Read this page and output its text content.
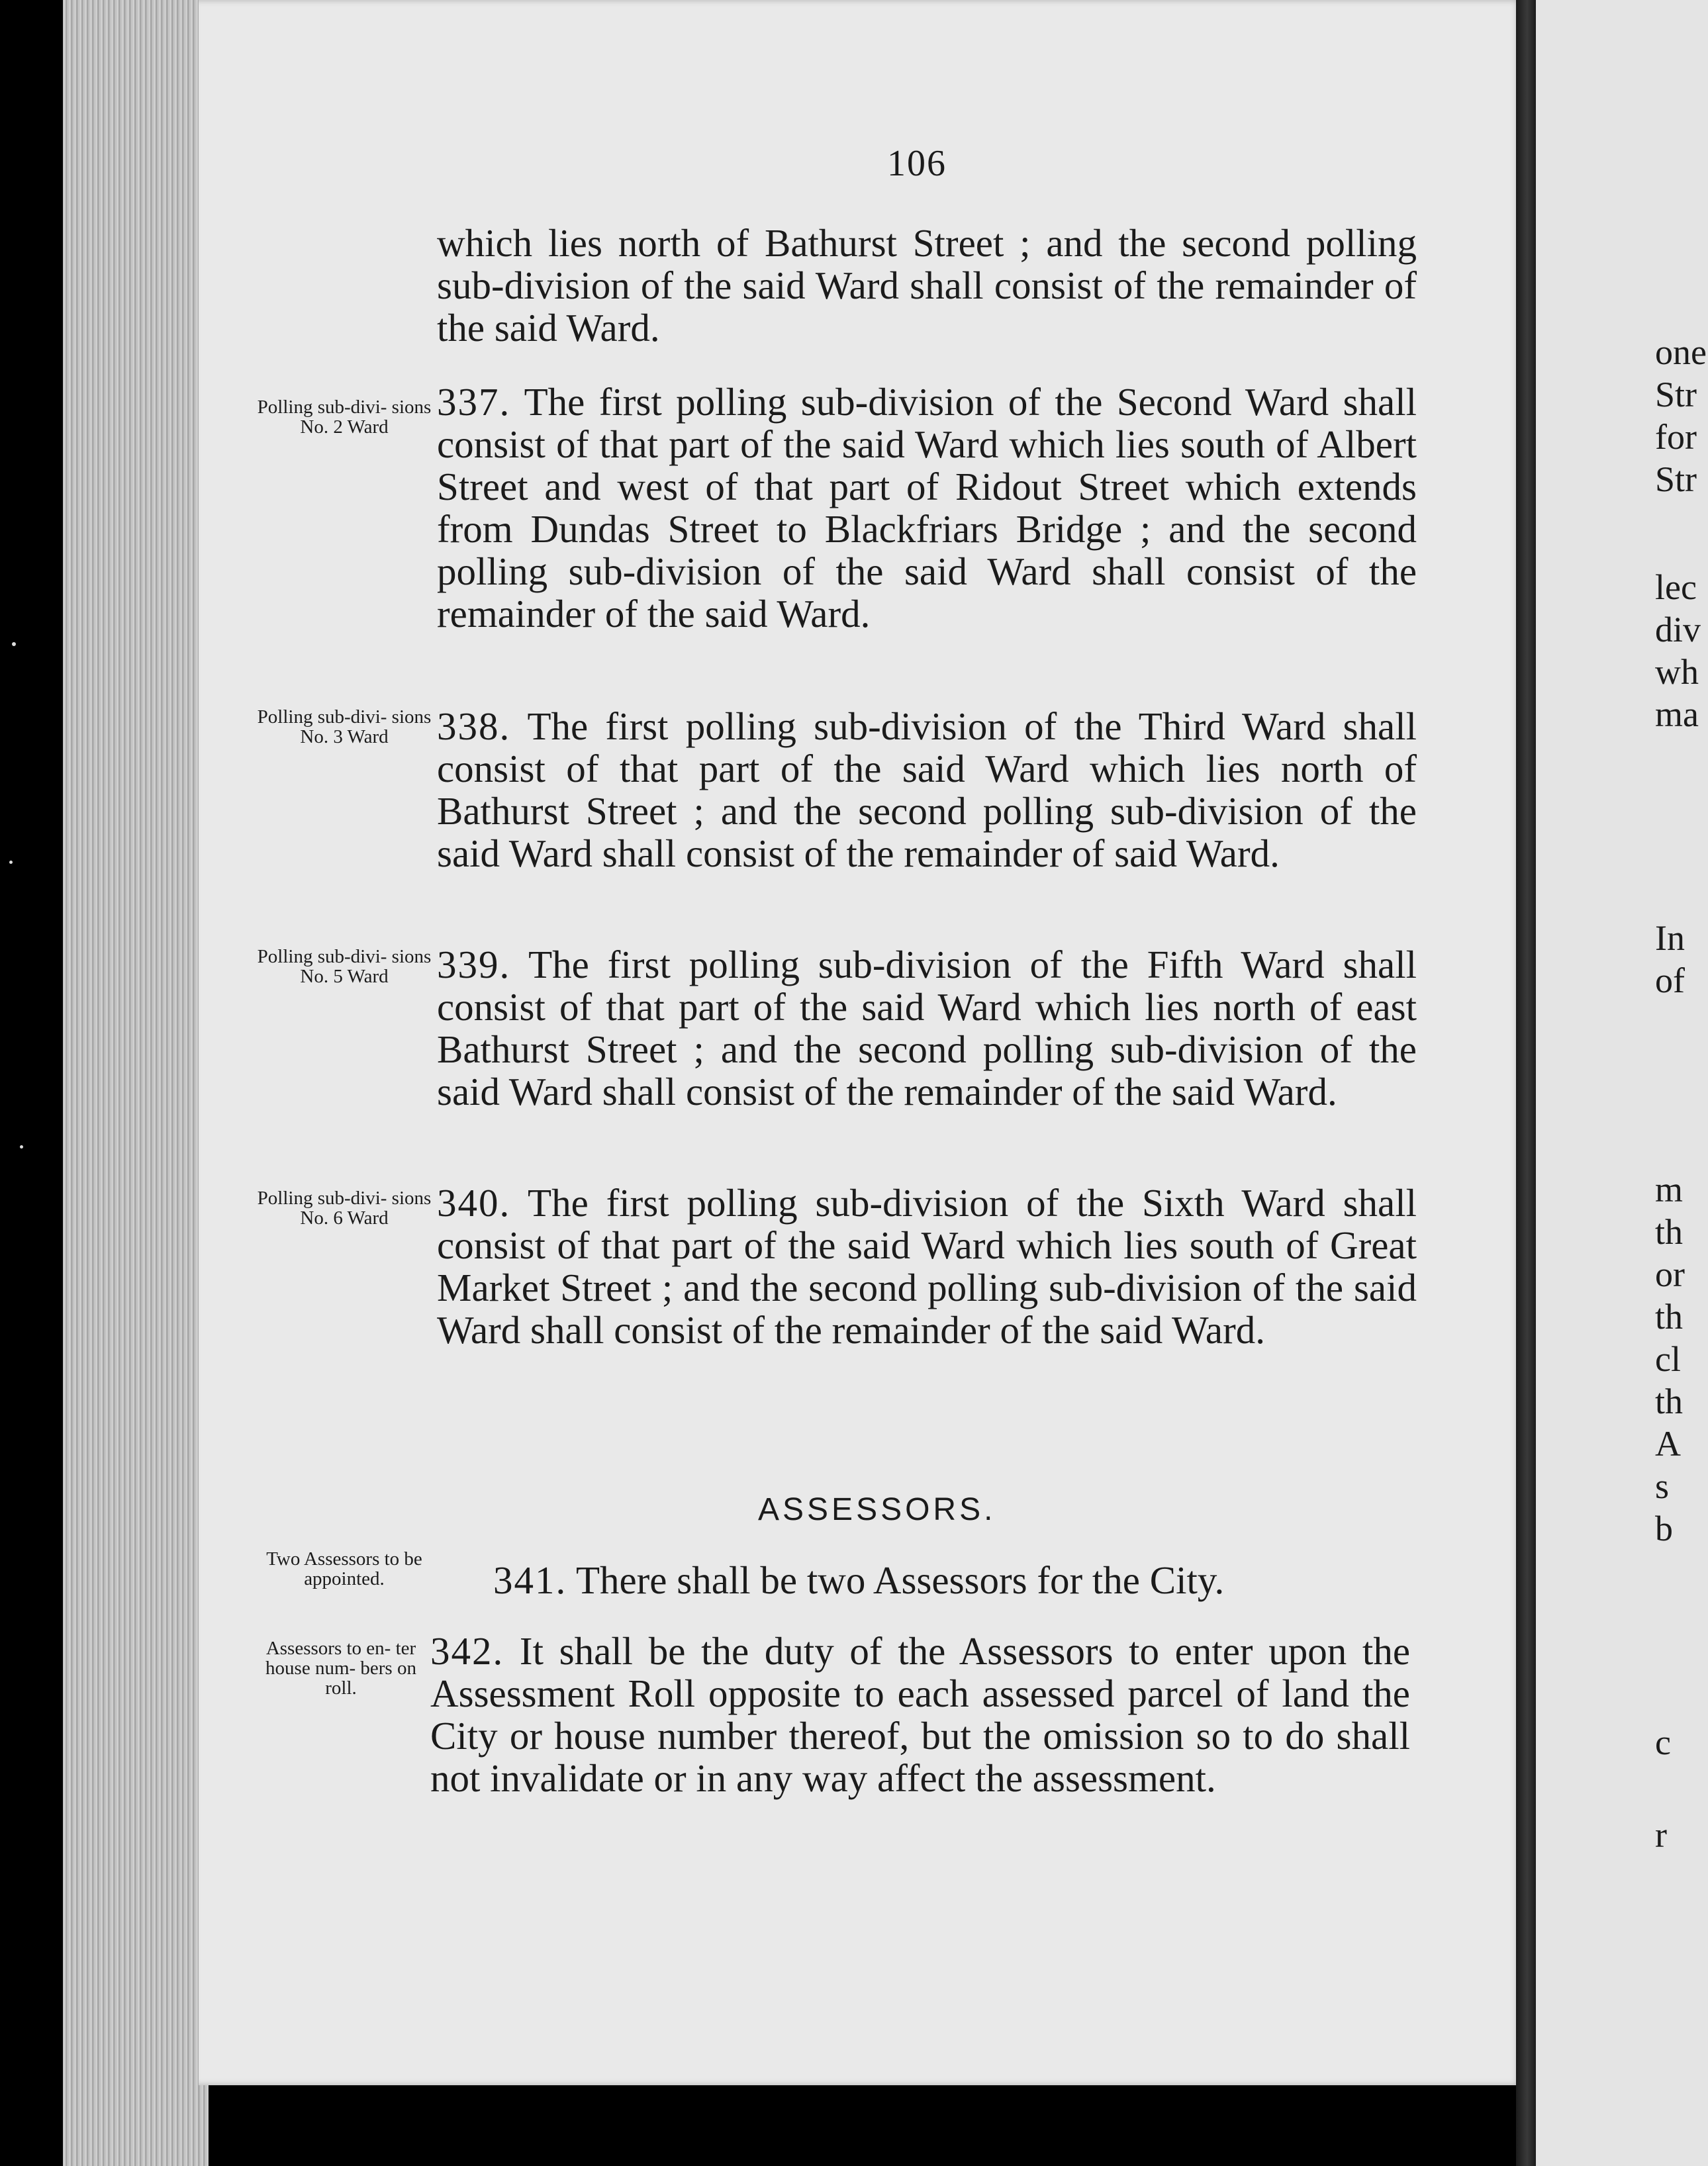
106

which lies north of Bathurst Street ; and the second polling sub-division of the said Ward shall consist of the remainder of the said Ward.

Polling sub-divi- sions No. 2 Ward

337. The first polling sub-division of the Second Ward shall consist of that part of the said Ward which lies south of Albert Street and west of that part of Ridout Street which extends from Dundas Street to Blackfriars Bridge ; and the second polling sub-division of the said Ward shall consist of the remainder of the said Ward.

Polling sub-divi- sions No. 3 Ward	338. The first polling sub-division of the Third Ward shall consist of that part of the said Ward which lies north of Bathurst Street ; and the second polling sub-division of the said Ward shall consist of the remainder of said Ward.

Polling sub-divi- sions No. 5 Ward	339. The first polling sub-division of the Fifth Ward shall consist of that part of the said Ward which lies north of east Bathurst Street ; and the second polling sub-division of the said Ward shall consist of the remainder of the said Ward.

Polling sub-divi- sions No. 6 Ward	340. The first polling sub-division of the Sixth Ward shall consist of that part of the said Ward which lies south of Great Market Street ; and the second polling sub-division of the said Ward shall consist of the remainder of the said Ward.

ASSESSORS.
Two Assessors to be appointed.	341. There shall be two Assessors for the City.

Assessors to en- ter house num- bers on roll.

342. It shall be the duty of the Assessors to enter upon the Assessment Roll opposite to each assessed parcel of land the City or house number thereof, but the omission so to do shall not invalidate or in any way affect the assessment.

one
Str
for
Str
lec
div
wh
ma
In
of
m
th
or
th
cl
th
A
s
b
c
r
